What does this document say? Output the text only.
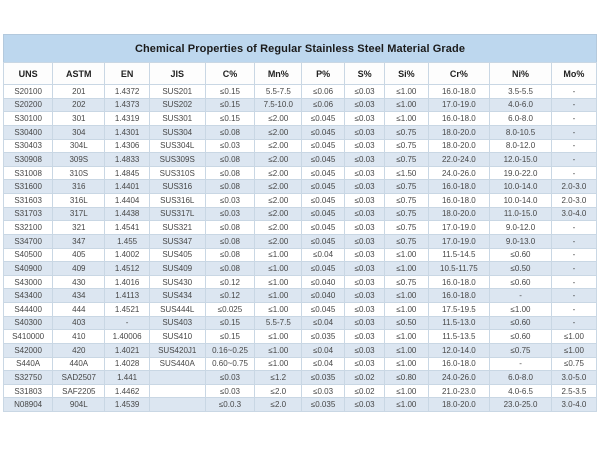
Chemical Properties of Regular Stainless Steel Material Grade
UNS	ASTM	EN	JIS	C%	Mn%	P%	S%	Si%	Cr%	Ni%	Mo%
S20100	201	1.4372	SUS201	≤0.15	5.5-7.5	≤0.06	≤0.03	≤1.00	16.0-18.0	3.5-5.5	-
S20200	202	1.4373	SUS202	≤0.15	7.5-10.0	≤0.06	≤0.03	≤1.00	17.0-19.0	4.0-6.0	-
S30100	301	1.4319	SUS301	≤0.15	≤2.00	≤0.045	≤0.03	≤1.00	16.0-18.0	6.0-8.0	-
S30400	304	1.4301	SUS304	≤0.08	≤2.00	≤0.045	≤0.03	≤0.75	18.0-20.0	8.0-10.5	-
S30403	304L	1.4306	SUS304L	≤0.03	≤2.00	≤0.045	≤0.03	≤0.75	18.0-20.0	8.0-12.0	-
S30908	309S	1.4833	SUS309S	≤0.08	≤2.00	≤0.045	≤0.03	≤0.75	22.0-24.0	12.0-15.0	-
S31008	310S	1.4845	SUS310S	≤0.08	≤2.00	≤0.045	≤0.03	≤1.50	24.0-26.0	19.0-22.0	-
S31600	316	1.4401	SUS316	≤0.08	≤2.00	≤0.045	≤0.03	≤0.75	16.0-18.0	10.0-14.0	2.0-3.0
S31603	316L	1.4404	SUS316L	≤0.03	≤2.00	≤0.045	≤0.03	≤0.75	16.0-18.0	10.0-14.0	2.0-3.0
S31703	317L	1.4438	SUS317L	≤0.03	≤2.00	≤0.045	≤0.03	≤0.75	18.0-20.0	11.0-15.0	3.0-4.0
S32100	321	1.4541	SUS321	≤0.08	≤2.00	≤0.045	≤0.03	≤0.75	17.0-19.0	9.0-12.0	-
S34700	347	1.455	SUS347	≤0.08	≤2.00	≤0.045	≤0.03	≤0.75	17.0-19.0	9.0-13.0	-
S40500	405	1.4002	SUS405	≤0.08	≤1.00	≤0.04	≤0.03	≤1.00	11.5-14.5	≤0.60	-
S40900	409	1.4512	SUS409	≤0.08	≤1.00	≤0.045	≤0.03	≤1.00	10.5-11.75	≤0.50	-
S43000	430	1.4016	SUS430	≤0.12	≤1.00	≤0.040	≤0.03	≤0.75	16.0-18.0	≤0.60	-
S43400	434	1.4113	SUS434	≤0.12	≤1.00	≤0.040	≤0.03	≤1.00	16.0-18.0	-	-
S44400	444	1.4521	SUS444L	≤0.025	≤1.00	≤0.045	≤0.03	≤1.00	17.5-19.5	≤1.00	-
S40300	403	-	SUS403	≤0.15	5.5-7.5	≤0.04	≤0.03	≤0.50	11.5-13.0	≤0.60	-
S410000	410	1.40006	SUS410	≤0.15	≤1.00	≤0.035	≤0.03	≤1.00	11.5-13.5	≤0.60	≤1.00
S42000	420	1.4021	SUS420J1	0.16~0.25	≤1.00	≤0.04	≤0.03	≤1.00	12.0-14.0	≤0.75	≤1.00
S440A	440A	1.4028	SUS440A	0.60~0.75	≤1.00	≤0.04	≤0.03	≤1.00	16.0-18.0	-	≤0.75
S32750	SAD2507	1.441		≤0.03	≤1.2	≤0.035	≤0.02	≤0.80	24.0-26.0	6.0-8.0	3.0-5.0
S31803	SAF2205	1.4462		≤0.03	≤2.0	≤0.03	≤0.02	≤1.00	21.0-23.0	4.0-6.5	2.5-3.5
N08904	904L	1.4539		≤0.0.3	≤2.0	≤0.035	≤0.03	≤1.00	18.0-20.0	23.0-25.0	3.0-4.0
